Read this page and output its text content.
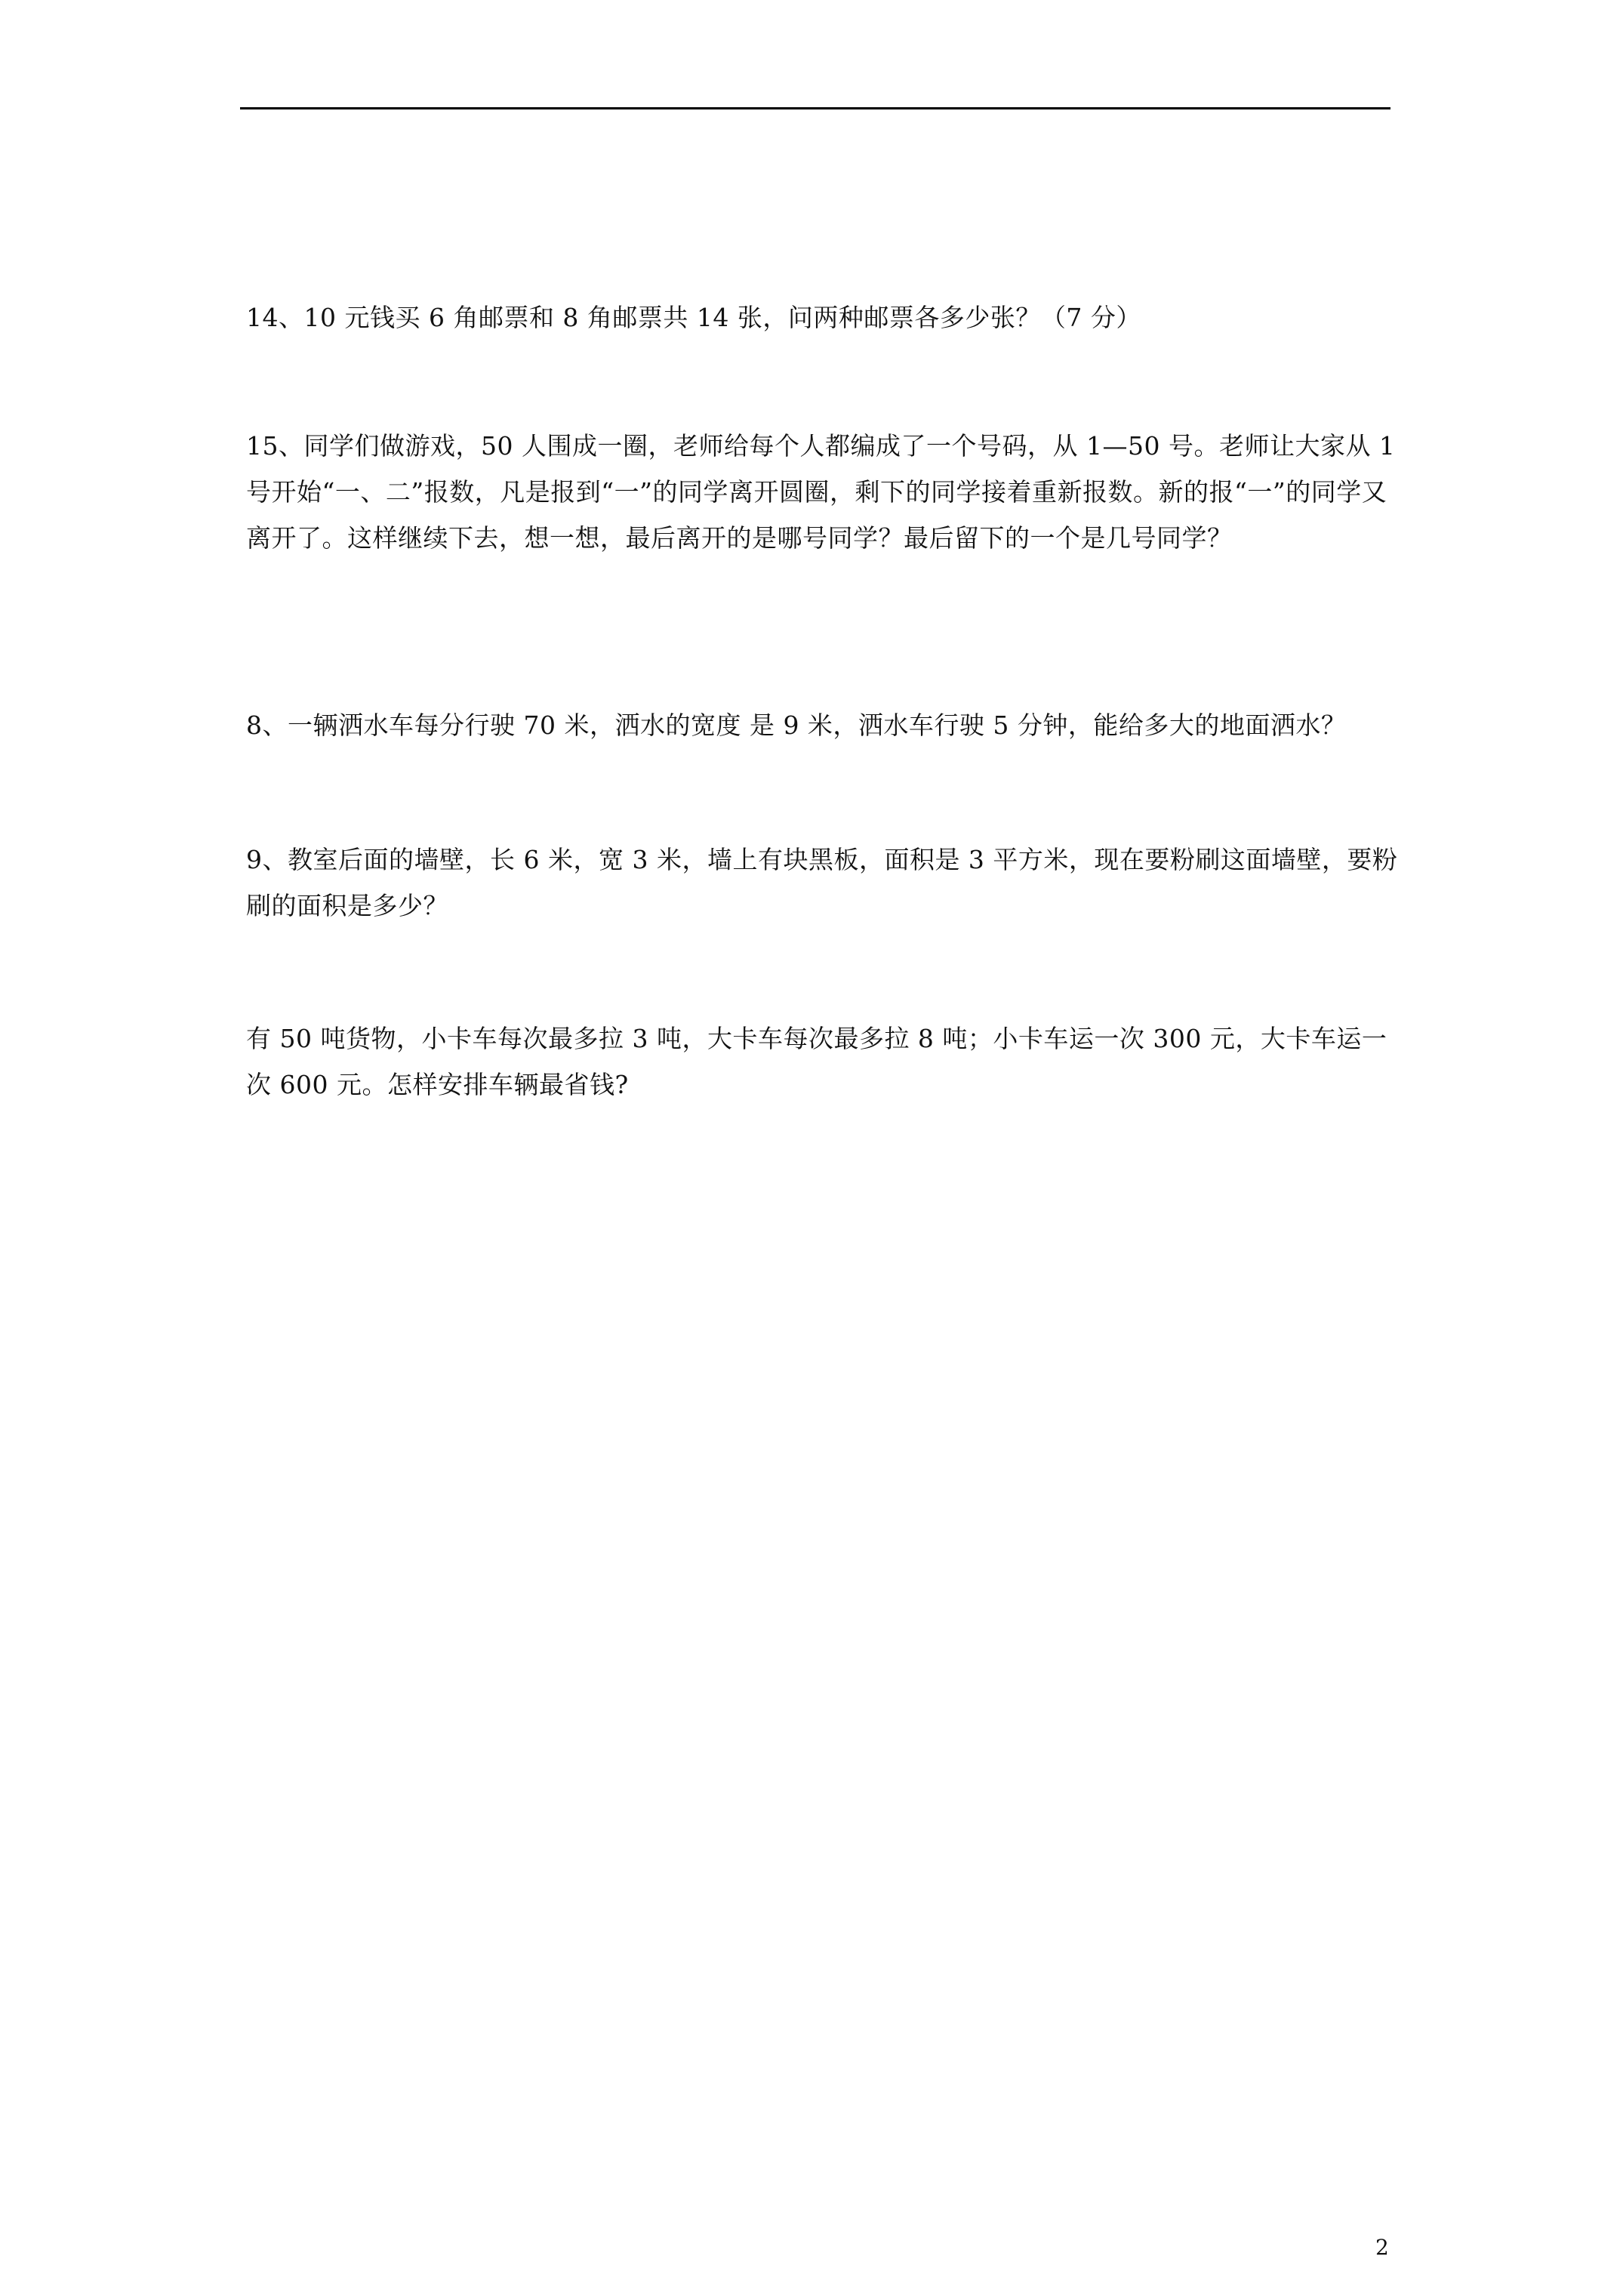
14、10 元钱买 6 角邮票和 8 角邮票共 14 张，问两种邮票各多少张？（7 分）

15、同学们做游戏，50 人围成一圈，老师给每个人都编成了一个号码，从 1—50 号。老师让大家从 1 号开始“一、二”报数，凡是报到“一”的同学离开圆圈，剩下的同学接着重新报数。新的报“一”的同学又离开了。这样继续下去，想一想，最后离开的是哪号同学？最后留下的一个是几号同学？

8、一辆洒水车每分行驶 70 米，洒水的宽度 是 9 米，洒水车行驶 5 分钟，能给多大的地面洒水？

9、教室后面的墙壁，长 6 米，宽 3 米，墙上有块黑板，面积是 3 平方米，现在要粉刷这面墙壁，要粉刷的面积是多少？

有 50 吨货物，小卡车每次最多拉 3 吨，大卡车每次最多拉 8 吨；小卡车运一次 300 元，大卡车运一次 600 元。怎样安排车辆最省钱?

2
